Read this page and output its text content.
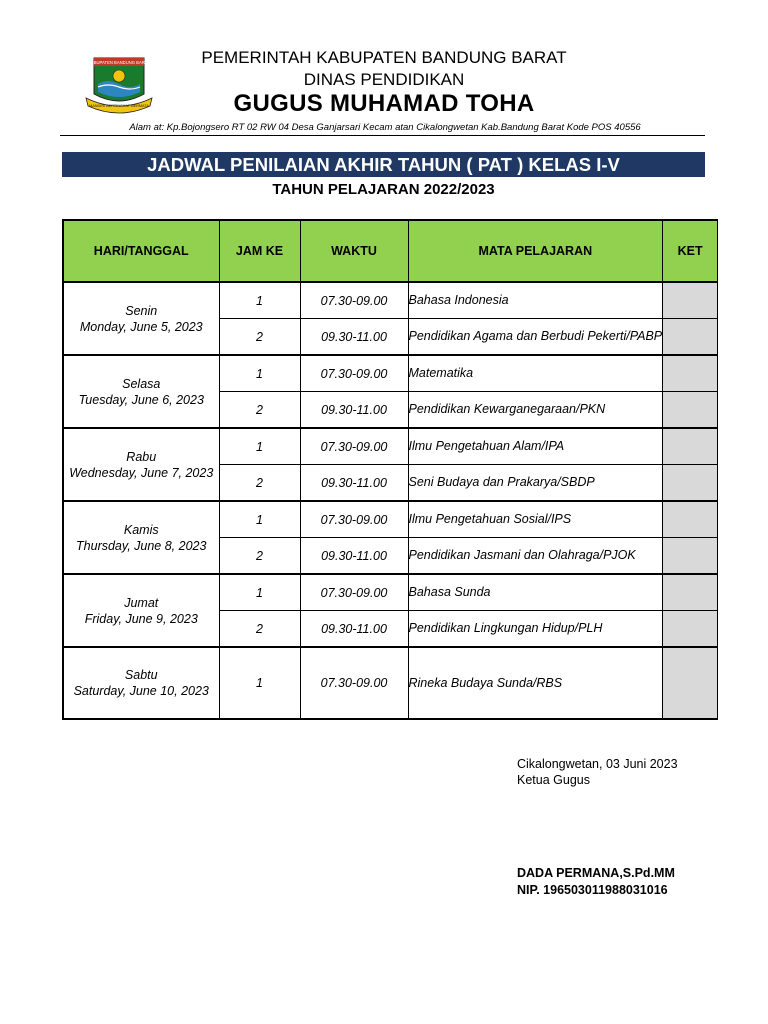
KABUPATEN BANDUNG BARAT
MANDIRI BERTINGKAT BERMATA
PEMERINTAH KABUPATEN BANDUNG BARAT
DINAS PENDIDIKAN
GUGUS MUHAMAD TOHA
Alam at: Kp.Bojongsero RT 02 RW 04 Desa Ganjarsari Kecam atan Cikalongwetan Kab.Bandung Barat Kode POS 40556
JADWAL PENILAIAN AKHIR TAHUN ( PAT ) KELAS I-V
TAHUN PELAJARAN 2022/2023
HARI/TANGGAL	JAM KE	WAKTU	MATA PELAJARAN	KET
Senin
Monday, June 5, 2023	1	07.30-09.00	Bahasa Indonesia	
	2	09.30-11.00	Pendidikan Agama dan Berbudi Pekerti/PABP	
Selasa
Tuesday, June 6, 2023	1	07.30-09.00	Matematika	
	2	09.30-11.00	Pendidikan Kewarganegaraan/PKN	
Rabu
Wednesday, June 7, 2023	1	07.30-09.00	Ilmu Pengetahuan Alam/IPA	
	2	09.30-11.00	Seni Budaya dan Prakarya/SBDP	
Kamis
Thursday, June 8, 2023	1	07.30-09.00	Ilmu Pengetahuan Sosial/IPS	
	2	09.30-11.00	Pendidikan Jasmani dan Olahraga/PJOK	
Jumat
Friday, June 9, 2023	1	07.30-09.00	Bahasa Sunda	
	2	09.30-11.00	Pendidikan Lingkungan Hidup/PLH	
Sabtu
Saturday, June 10, 2023	1	07.30-09.00	Rineka Budaya Sunda/RBS	
Cikalongwetan, 03 Juni 2023
Ketua Gugus
DADA PERMANA,S.Pd.MM
NIP. 196503011988031016
